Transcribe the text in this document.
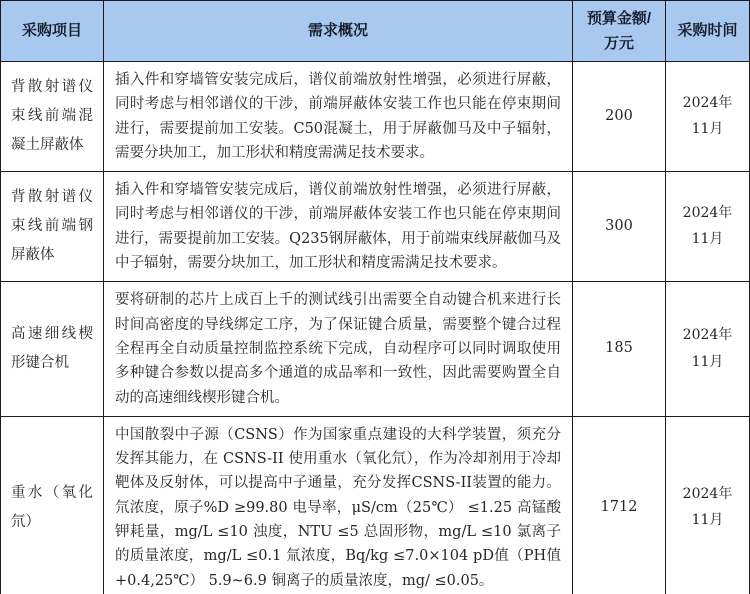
采购项目	需求概况	预算金额/万元	采购时间
背散射谱仪束线前端混凝土屏蔽体	插入件和穿墙管安装完成后，谱仪前端放射性增强，必须进行屏蔽，同时考虑与相邻谱仪的干涉，前端屏蔽体安装工作也只能在停束期间进行，需要提前加工安装。C50混凝土，用于屏蔽伽马及中子辐射，需要分块加工，加工形状和精度需满足技术要求。	200	2024年11月
背散射谱仪束线前端钢屏蔽体	插入件和穿墙管安装完成后，谱仪前端放射性增强，必须进行屏蔽，同时考虑与相邻谱仪的干涉，前端屏蔽体安装工作也只能在停束期间进行，需要提前加工安装。Q235钢屏蔽体，用于前端束线屏蔽伽马及中子辐射，需要分块加工，加工形状和精度需满足技术要求。	300	2024年11月
高速细线楔形键合机	要将研制的芯片上成百上千的测试线引出需要全自动键合机来进行长时间高密度的导线绑定工序，为了保证键合质量，需要整个键合过程全程再全自动质量控制监控系统下完成，自动程序可以同时调取使用多种键合参数以提高多个通道的成品率和一致性，因此需要购置全自动的高速细线楔形键合机。	185	2024年11月
重水（氧化氘）	中国散裂中子源（CSNS）作为国家重点建设的大科学装置，须充分发挥其能力，在 CSNS-II 使用重水（氧化氘），作为冷却剂用于冷却靶体及反射体，可以提高中子通量，充分发挥CSNS-II装置的能力。氘浓度，原子%D ≥99.80 电导率，μS/cm（25℃） ≤1.25 高锰酸钾耗量，mg/L ≤10 浊度，NTU ≤5 总固形物，mg/L ≤10 氯离子的质量浓度，mg/L ≤0.1 氚浓度，Bq/kg ≤7.0×104 pD值（PH值+0.4,25℃） 5.9~6.9 铜离子的质量浓度，mg/ ≤0.05。	1712	2024年11月
